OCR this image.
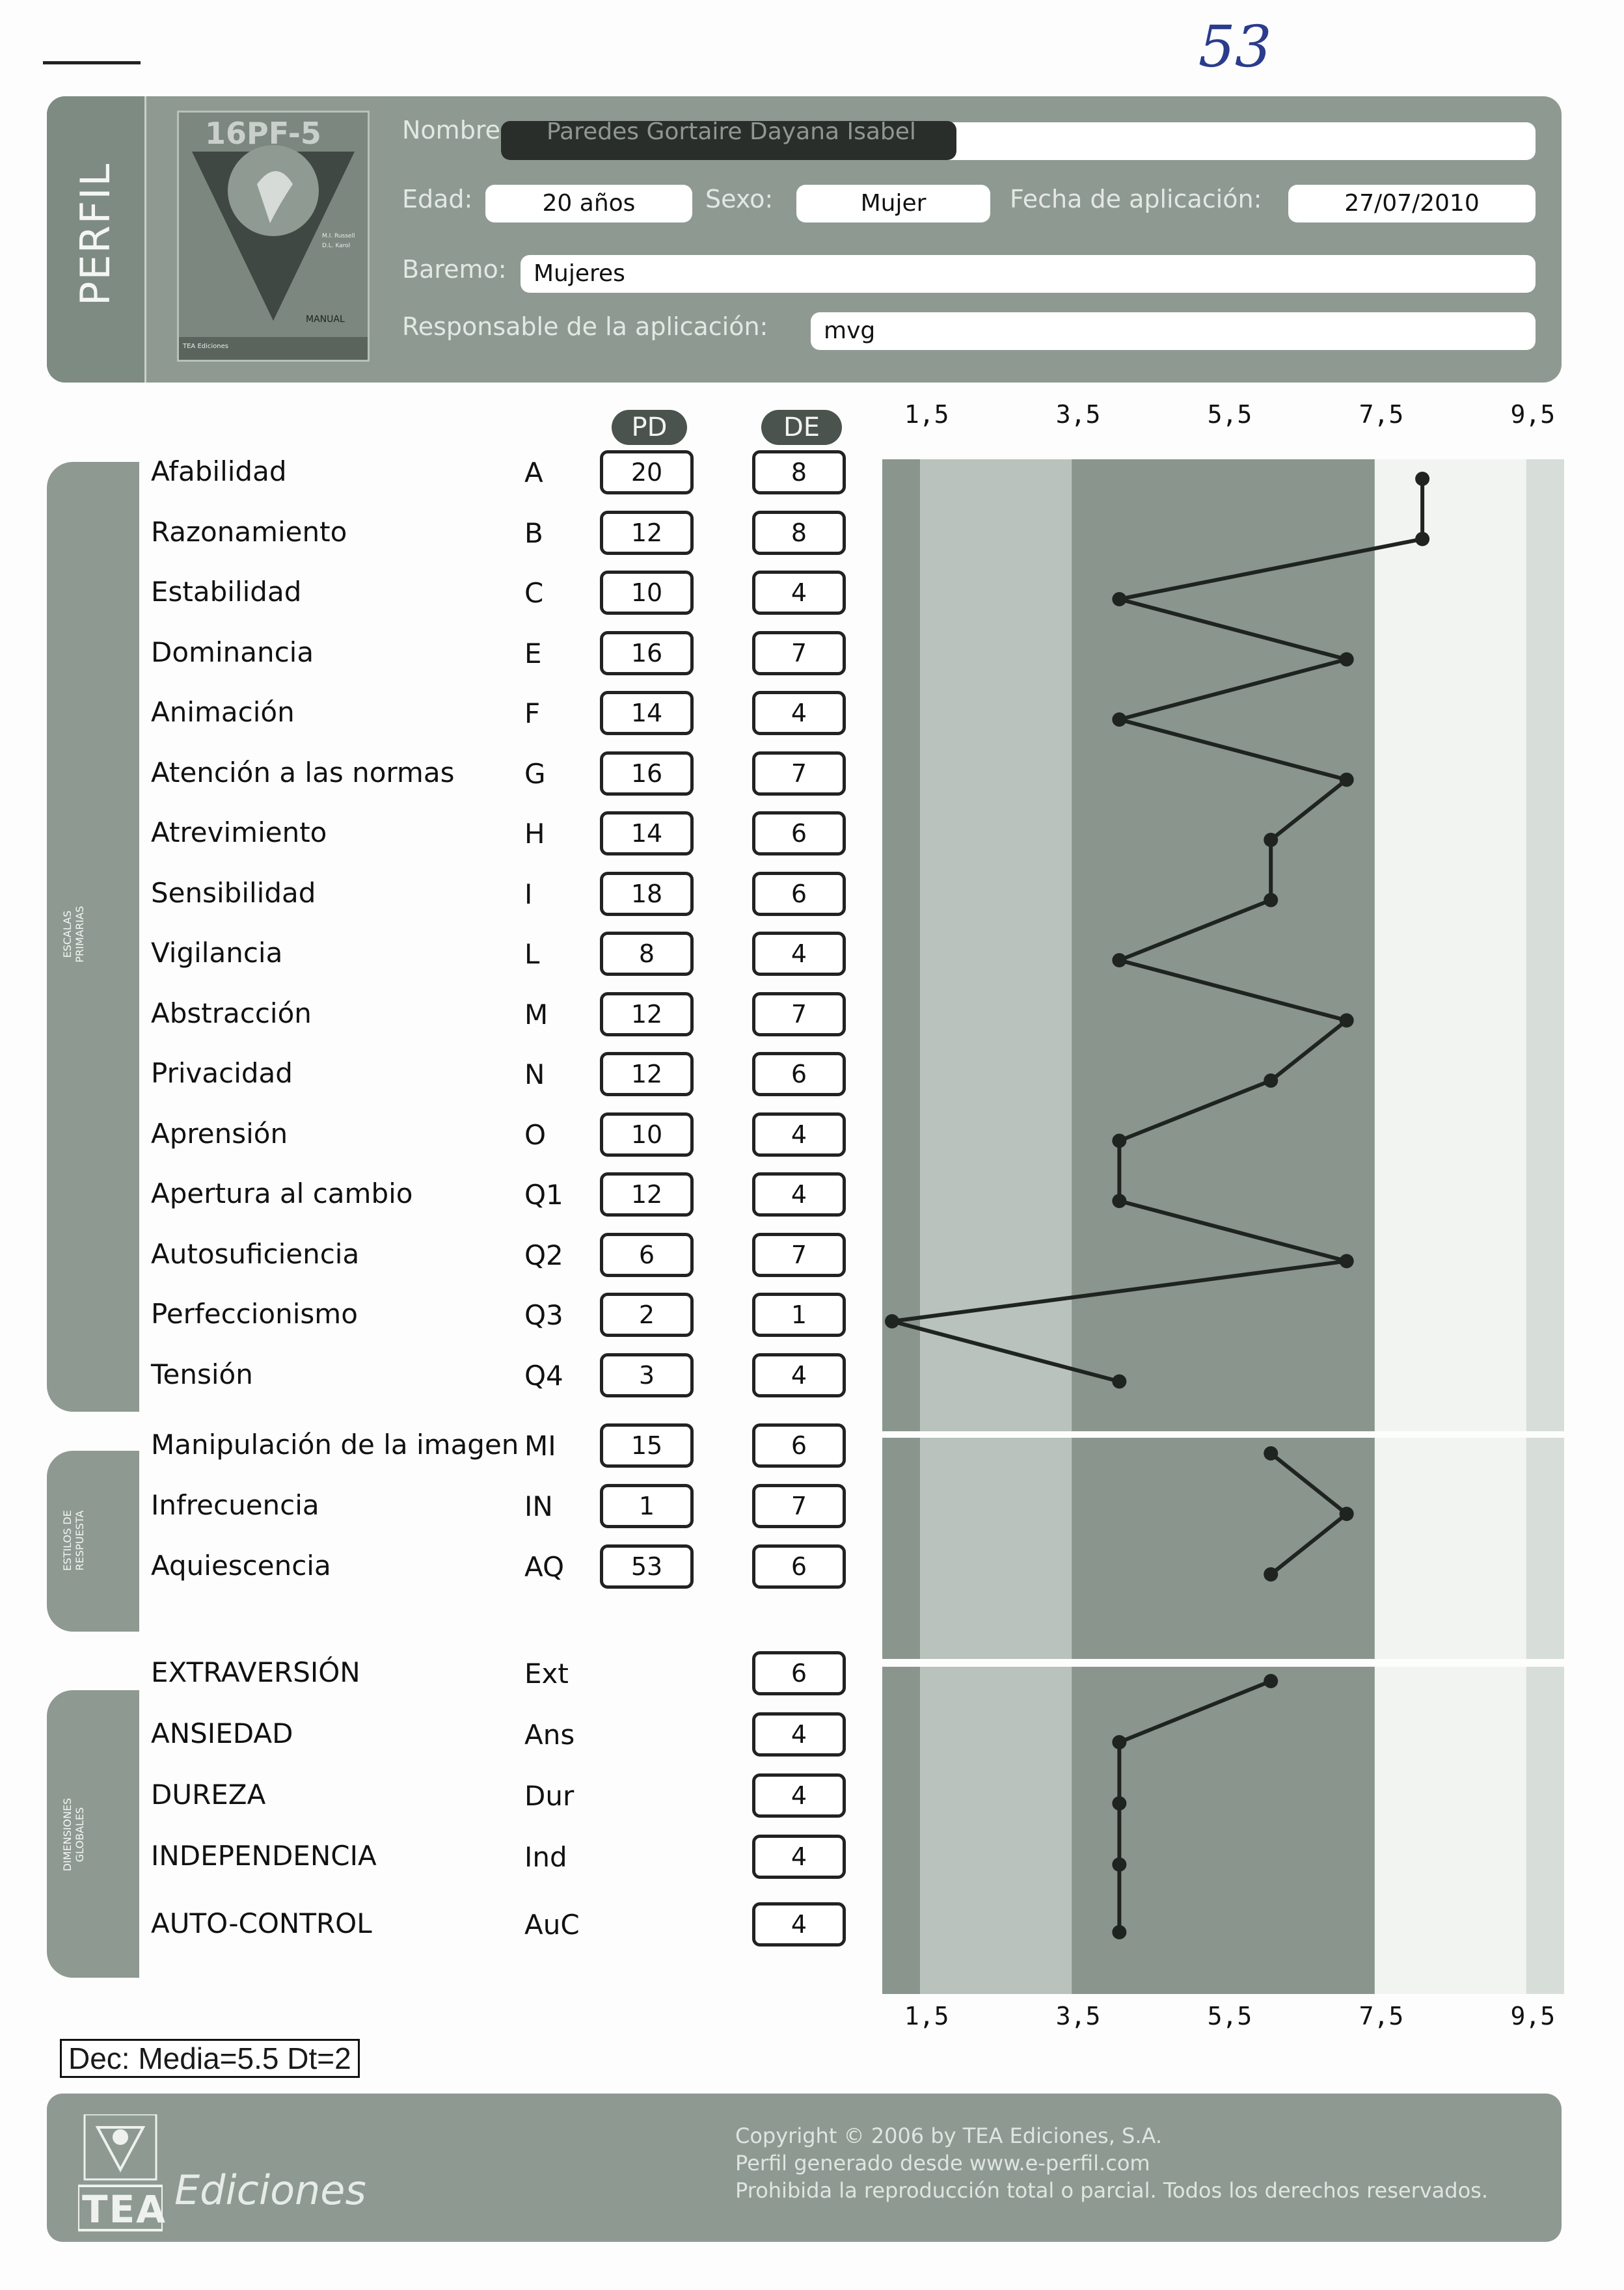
53
PERFIL
16PF-5
M.I. Russell
D.L. Karol
MANUAL
TEA Ediciones
Nombre Paredes Gortaire Dayana Isabel
Edad:	20 años	Sexo:	Mujer	Fecha de aplicación:	27/07/2010
Baremo:	Mujeres
Responsable de la aplicación:	mvg
PD	DE
ESCALAS PRIMARIAS
ESTILOS DE RESPUESTA
DIMENSIONES GLOBALES
Afabilidad	A	20	8
Razonamiento	B	12	8
Estabilidad	C	10	4
Dominancia	E	16	7
Animación	F	14	4
Atención a las normas	G	16	7
Atrevimiento	H	14	6
Sensibilidad	I	18	6
Vigilancia	L	8	4
Abstracción	M	12	7
Privacidad	N	12	6
Aprensión	O	10	4
Apertura al cambio	Q1	12	4
Autosuficiencia	Q2	6	7
Perfeccionismo	Q3	2	1
Tensión	Q4	3	4
Manipulación de la imagen MI	15	6
Infrecuencia	IN	1	7
Aquiescencia	AQ	53	6
EXTRAVERSIÓN	Ext	6
ANSIEDAD	Ans	4
DUREZA	Dur	4
INDEPENDENCIA	Ind	4
AUTO-CONTROL	AuC	4
1,5
1,5
3,5
3,5
5,5
5,5
7,5
7,5
9,5
9,5
Dec: Media=5.5 Dt=2
TEA Ediciones
Copyright © 2006 by TEA Ediciones, S.A.
Perfil generado desde www.e-perfil.com
Prohibida la reproducción total o parcial. Todos los derechos reservados.
